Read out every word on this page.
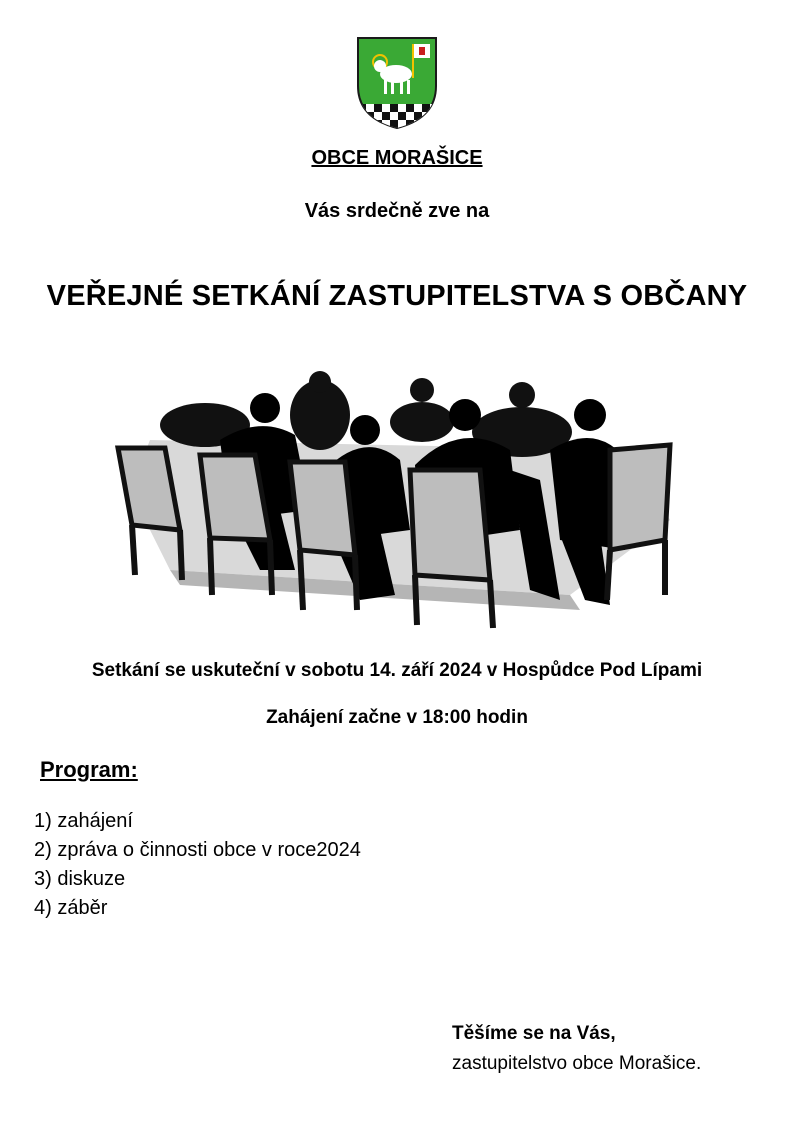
OBCE MORAŠICE
Vás srdečně zve na
VEŘEJNÉ SETKÁNÍ ZASTUPITELSTVA S OBČANY
Setkání se uskuteční v sobotu 14. září 2024 v Hospůdce Pod Lípami
Zahájení začne v 18:00 hodin
Program:
1) zahájení
2) zpráva o činnosti obce v roce2024
3) diskuze
4) záběr
Těšíme se na Vás,
zastupitelstvo obce Morašice.
